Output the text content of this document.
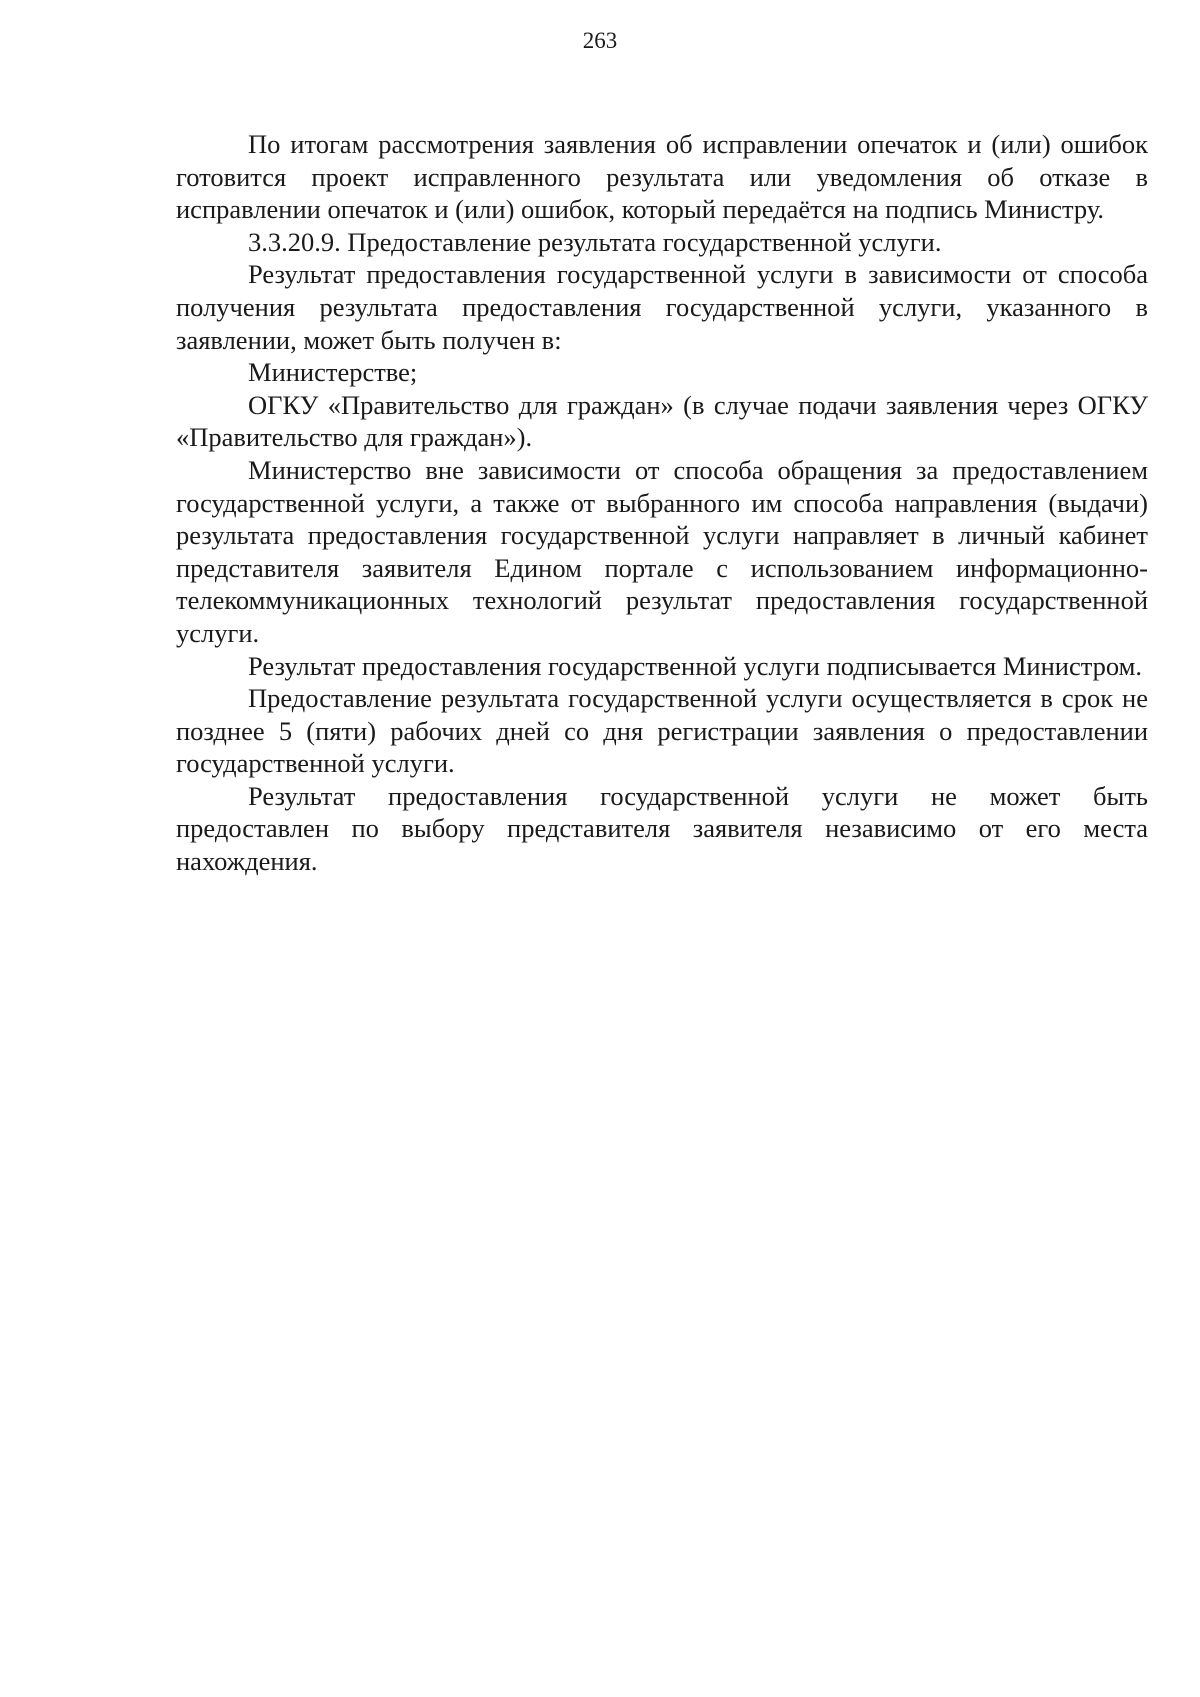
263

По итогам рассмотрения заявления об исправлении опечаток и (или) ошибок готовится проект исправленного результата или уведомления об отказе в исправлении опечаток и (или) ошибок, который передаётся на подпись Министру.

3.3.20.9. Предоставление результата государственной услуги.

Результат предоставления государственной услуги в зависимости от способа получения результата предоставления государственной услуги, указанного в заявлении, может быть получен в:

Министерстве;

ОГКУ «Правительство для граждан» (в случае подачи заявления через ОГКУ «Правительство для граждан»).

Министерство вне зависимости от способа обращения за предоставлением государственной услуги, а также от выбранного им способа направления (выдачи) результата предоставления государственной услуги направляет в личный кабинет представителя заявителя Едином портале с использованием информационно-телекоммуникационных технологий результат предоставления государственной услуги.

Результат предоставления государственной услуги подписывается Министром.

Предоставление результата государственной услуги осуществляется в срок не позднее 5 (пяти) рабочих дней со дня регистрации заявления о предоставлении государственной услуги.

Результат предоставления государственной услуги не может быть предоставлен по выбору представителя заявителя независимо от его места нахождения.
